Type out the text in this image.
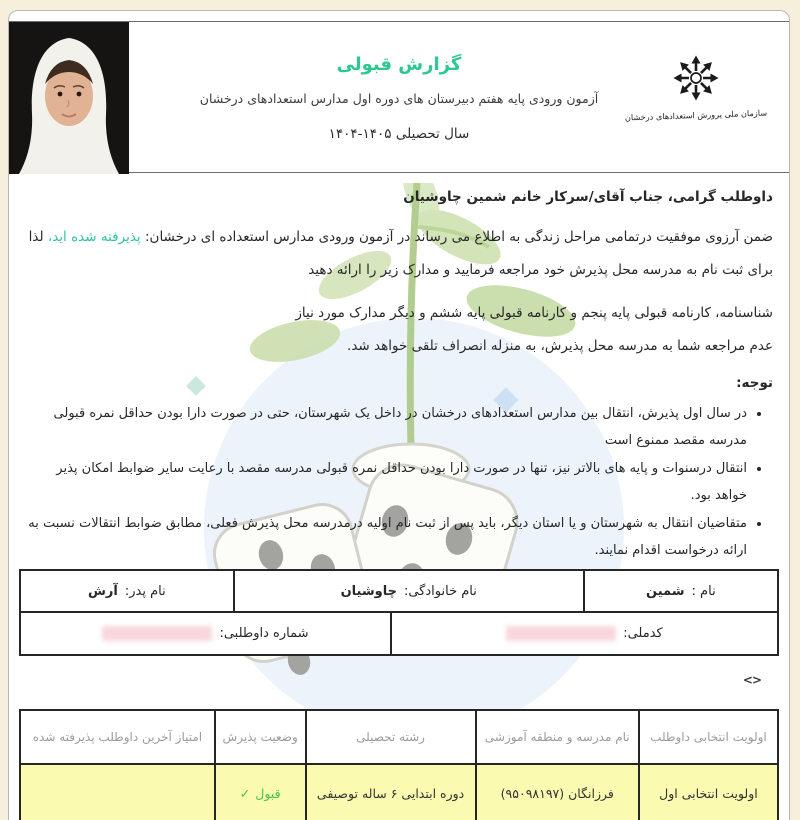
گزارش قبولی
آزمون ورودی پایه هفتم دبیرستان های دوره اول مدارس استعدادهای درخشان
سال تحصیلی ۱۴۰۴-۱۴۰۵
سازمان ملی پرورش استعدادهای درخشان

داوطلب گرامی، جناب آقای/سرکار خانم شمین چاوشیان

ضمن آرزوی موفقیت درتمامی مراحل زندگی به اطلاع می رساند در آزمون ورودی مدارس استعداده ای درخشان: پذیرفته شده اید، لذا برای ثبت نام به مدرسه محل پذیرش خود مراجعه فرمایید و مدارک زیر را ارائه دهید

شناسنامه، کارنامه قبولی پایه پنجم و کارنامه قبولی پایه ششم و دیگر مدارک مورد نیاز

عدم مراجعه شما به مدرسه محل پذیرش، به منزله انصراف تلقی خواهد شد.

توجه:

• در سال اول پذیرش، انتقال بین مدارس استعدادهای درخشان در داخل یک شهرستان، حتی در صورت دارا بودن حداقل نمره قبولی مدرسه مقصد ممنوع است
• انتقال درسنوات و پایه های بالاتر نیز، تنها در صورت دارا بودن حداقل نمره قبولی مدرسه مقصد با رعایت سایر ضوابط امکان پذیر خواهد بود.
• متقاضیان انتقال به شهرستان و یا استان دیگر، باید پس از ثبت نام اولیه درمدرسه محل پذیرش فعلی، مطابق ضوابط انتقالات نسبت به ارائه درخواست اقدام نمایند.
نام :
شمین
نام خانوادگی:
چاوشیان
نام پدر:
آرش
کدملی:
شماره داوطلبی:
<>
اولویت انتخابی داوطلب
نام مدرسه و منطقه آموزشی
رشته تحصیلی
وضعیت پذیرش
امتیاز آخرین داوطلب پذیرفته شده
اولویت انتخابی اول
فرزانگان (۹۵۰۹۸۱۹۷)
دوره ابتدایی ۶ ساله توصیفی
✓ قبول
